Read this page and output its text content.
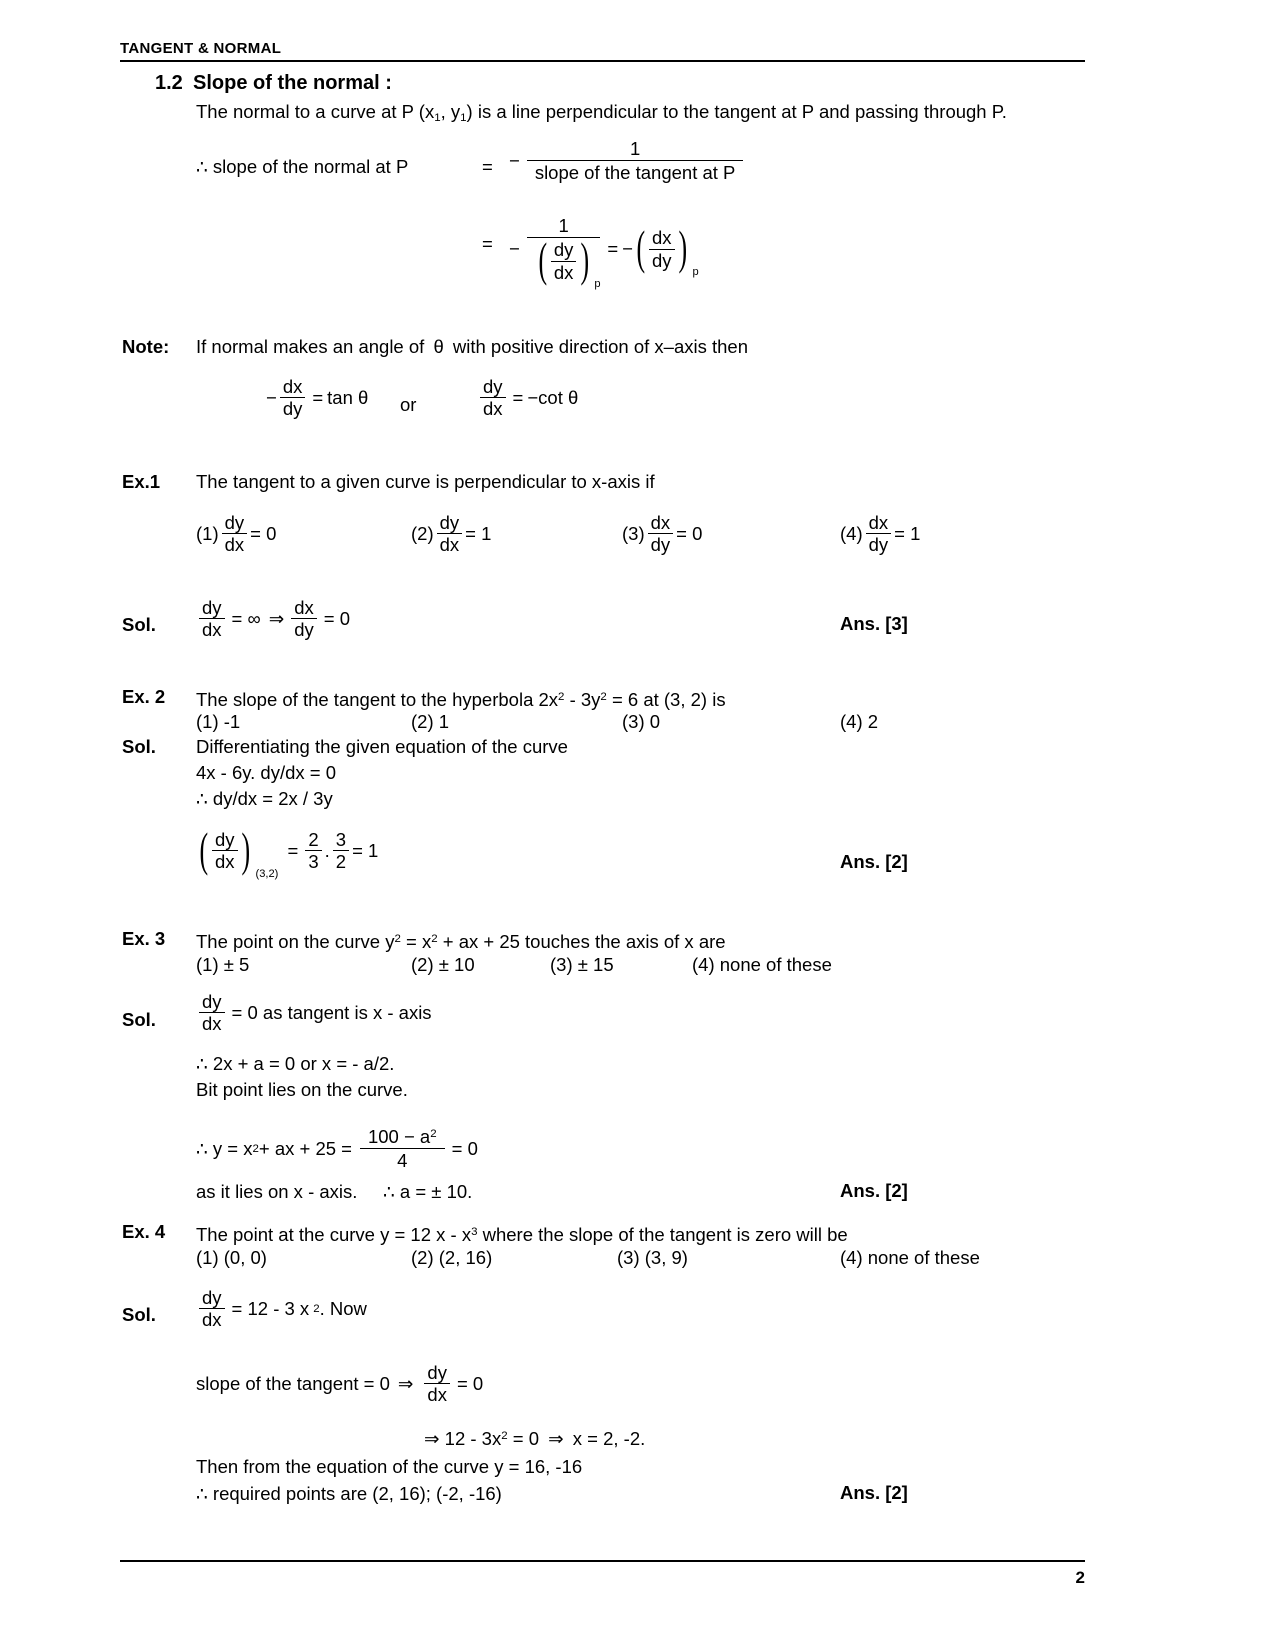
TANGENT & NORMAL
1.2 Slope of the normal :
The normal to a curve at P ($x_1$, $y_1$) is a line perpendicular to the tangent at P and passing through P.
∴ slope of the normal at P	= − $\frac{1}{\text{slope of the tangent at P}}$
= − 1
( $\frac{dy}{dx}$

p
) = − ( $\frac{dx}{dy}$

p
)
Note: If normal makes an angle of θ with positive direction of x–axis then
− $\frac{dx}{dy} = \tan \theta$ or	$\frac{dy}{dx}$ = − cot θ
Ex.1 The tangent to a given curve is perpendicular to x-axis if
$(1) \frac{dy}{dx} = 0$	$(2) \frac{dy}{dx} = 1$	$(3) \frac{dx}{dy} = 0$	$(4) \frac{dx}{dy} = 1$
Sol. $\frac{dy}{dx}$ = ∞ ⇒ $\frac{dx}{dy} = 0$	Ans. [3]
Ex. 2 The slope of the tangent to the hyperbola $2x^2 - 3y^2 = 6$ at (3, 2) is
(1) -1	(2) 1	(3) 0	(4) 2
Sol. Differentiating the given equation of the curve
4x - 6y. dy/dx = 0
∴ dy/dx = 2x / 3y
( $\frac{dy}{dx}$

(3,2)
)
= $\frac{2}{3}$ . $\frac{3}{2} = 1$
Ans. [2]
Ex. 3 The point on the curve $y^2 = x^2$ + ax + 25 touches the axis of x are
(1) ± 5	(2) ± 10	(3) ± 15	(4) none of these
Sol. $\frac{dy}{dx} = 0$ as tangent is x - axis
∴ 2x + a = 0 or x = - a/2.
Bit point lies on the curve.
∴ y = x 2 + ax + $25 = \frac{100 - a^2}{4} = 0$
as it lies on x - axis. ∴ a = ± 10.	Ans. [2]
Ex. 4 The point at the curve y = 12 x - $x^3$ where the slope of the tangent is zero will be
(1) (0, 0)	(2) (2, 16)	(3) (3, 9)	(4) none of these
Sol. $\frac{dy}{dx} = 12 - 3$ x 2 . Now
slope of the tangent = 0 ⇒ $\frac{dy}{dx} = 0$
⇒ $12 - 3x^2 = 0$ ⇒ x = 2, -2.
Then from the equation of the curve y = 16, -16
∴ required points are (2, 16); (-2, -16)	Ans. [2]
2
